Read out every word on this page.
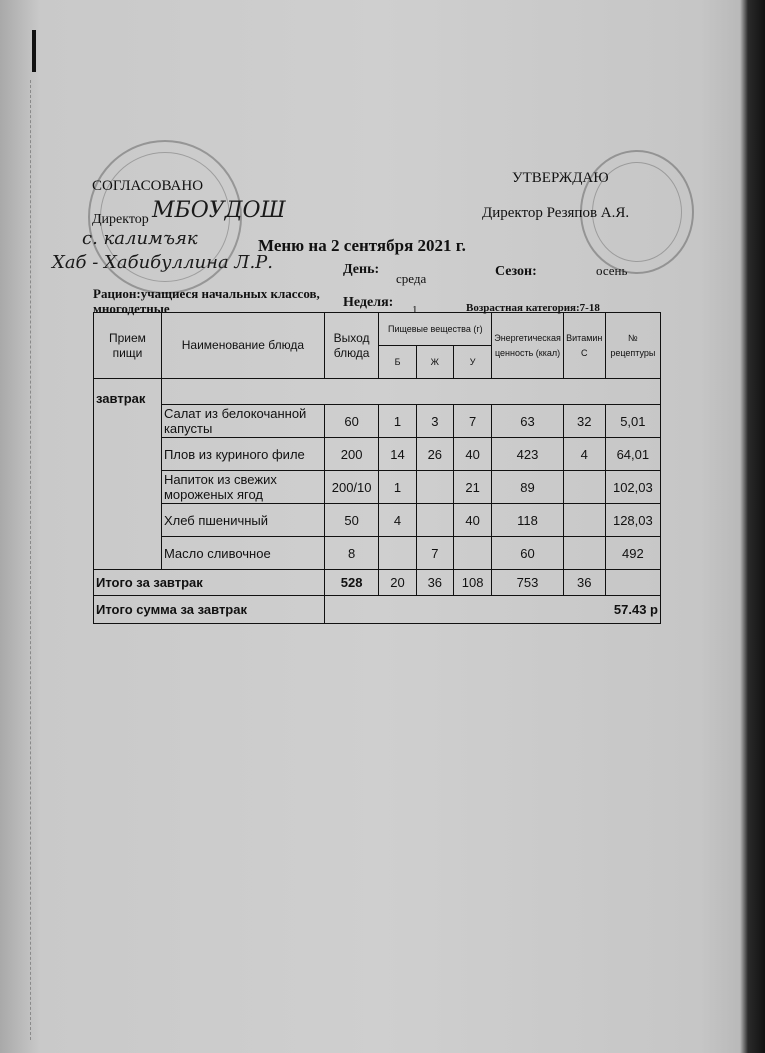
СОГЛАСОВАНО	УТВЕРЖДАЮ
Директор МБОУДОШ	Директор Резяпов А.Я.
с. калимъяк	Меню на 2 сентября 2021 г.
Хаб - Хабибуллина Л.Р.	День:
среда	Сезон:	осень
Рацион:учащиеся начальных классов, многодетные	Неделя: 1	Возрастная категория:7-18
Прием пищи	Наименование блюда	Выход блюда	Пищевые вещества (г)			Энергетическая ценность (ккал)	Витамин С	№ рецептуры
			Б	Ж	У			
завтрак								
	Салат из белокочанной капусты	60	1	3	7	63	32	5,01
	Плов из куриного филе	200	14	26	40	423	4	64,01
	Напиток из свежих мороженых ягод	200/10	1		21	89		102,03
	Хлеб пшеничный	50	4		40	118		128,03
	Масло сливочное	8		7		60		492
Итого за завтрак		528	20	36	108	753	36	
Итого сумма за завтрак		57.43 р						
